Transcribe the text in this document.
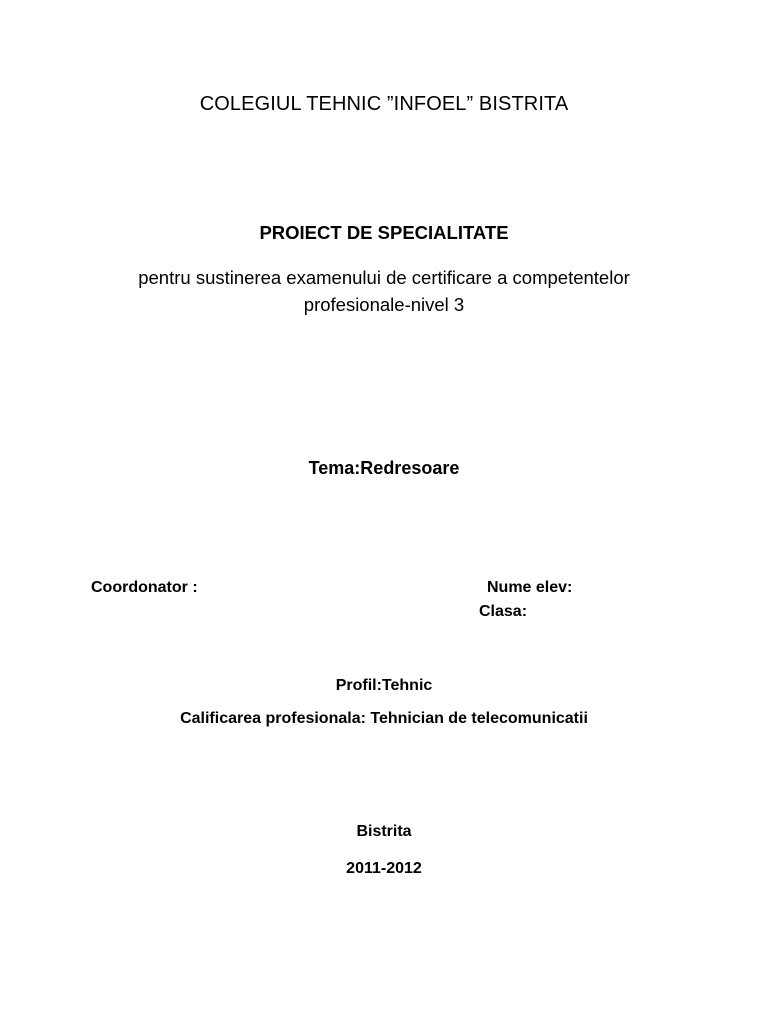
COLEGIUL TEHNIC ”INFOEL” BISTRITA
PROIECT DE SPECIALITATE
pentru sustinerea examenului de certificare a competentelor
profesionale-nivel 3
Tema:Redresoare
Coordonator :	Nume elev:
Clasa:
Profil:Tehnic
Calificarea profesionala: Tehnician de telecomunicatii
Bistrita
2011-2012
